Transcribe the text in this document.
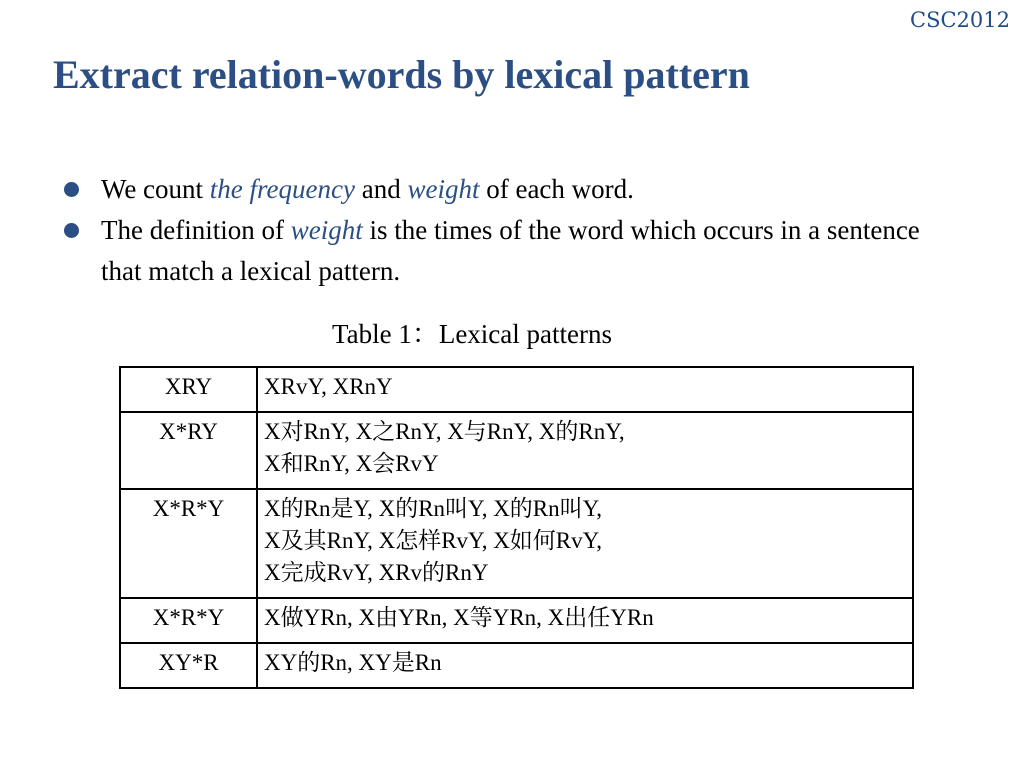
CSC2012
Extract relation-words by lexical pattern
We count the frequency and weight of each word.
The definition of weight is the times of the word which occurs in a sentence that match a lexical pattern.
Table 1：Lexical patterns
XRY	XRvY, XRnY

X*RY	X对RnY, X之RnY, X与RnY, X的RnY,
X和RnY, X会RvY

X*R*Y	X的Rn是Y, X的Rn叫Y, X的Rn叫Y,
X及其RnY, X怎样RvY, X如何RvY,
X完成RvY, XRv的RnY

X*R*Y	X做YRn, X由YRn, X等YRn, X出任YRn

XY*R	XY的Rn, XY是Rn
